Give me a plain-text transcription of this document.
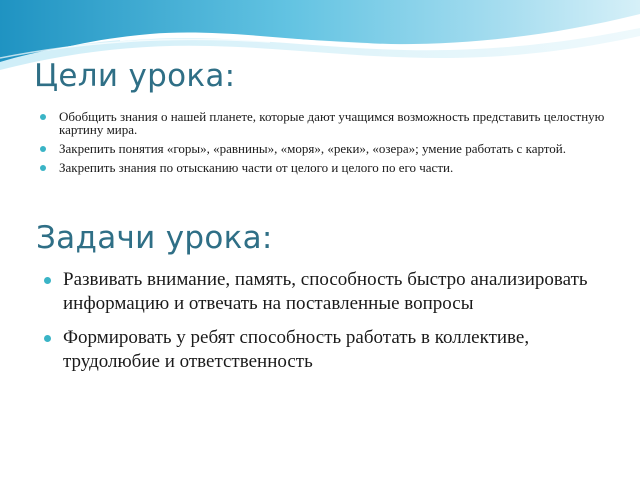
Цели урока:
Обобщить знания о нашей планете, которые дают учащимся возможность представить целостную картину мира.
Закрепить понятия «горы», «равнины», «моря», «реки», «озера»; умение работать с картой.
Закрепить знания по отысканию части от целого и целого по его части.
Задачи урока:
Развивать внимание, память, способность быстро анализировать информацию и отвечать на поставленные вопросы
Формировать у ребят способность работать в коллективе, трудолюбие и ответственность
